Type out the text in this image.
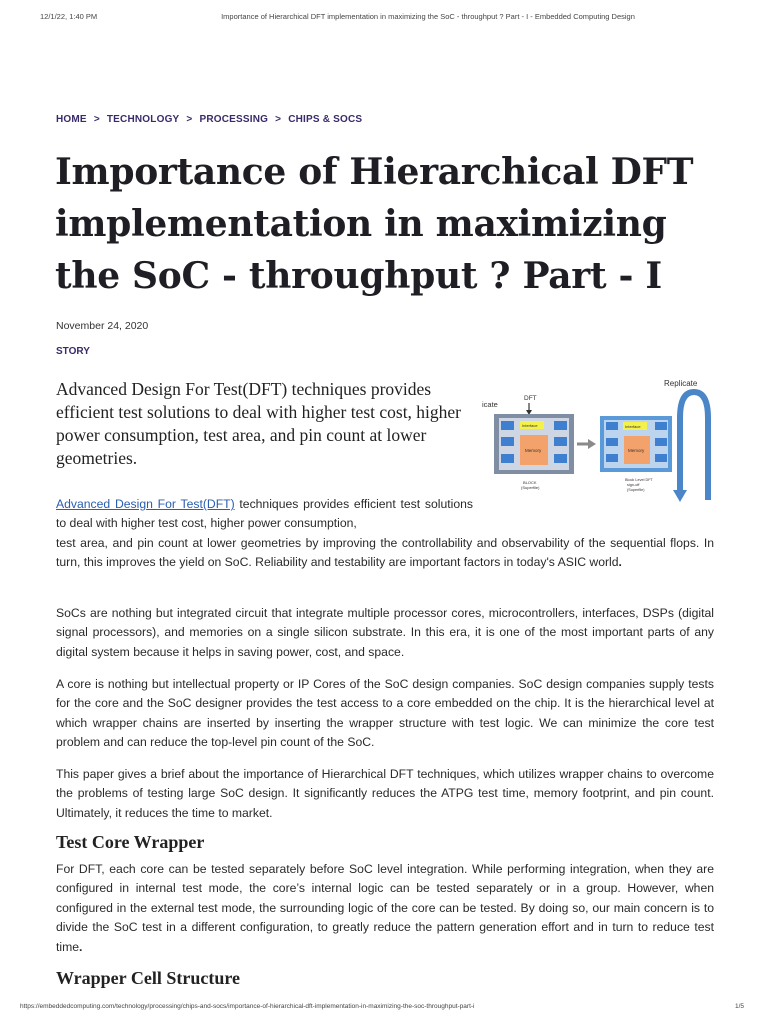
12/1/22, 1:40 PM	Importance of Hierarchical DFT implementation in maximizing the SoC - throughput ? Part - I - Embedded Computing Design
HOME > TECHNOLOGY > PROCESSING > CHIPS & SOCS
Importance of Hierarchical DFT implementation in maximizing the SoC - throughput ? Part - I
November 24, 2020
STORY

Advanced Design For Test(DFT) techniques provides efficient test solutions to deal with higher test cost, higher power consumption, test area, and pin count at lower geometries.

Replicate
icate
DFT
Interface
Memory
BLOCK
(Superfile)
Interface
Memory
Block Level DFT
sign-off
(Superfile)

Advanced Design For Test(DFT) techniques provides efficient test solutions to deal with higher test cost, higher power consumption,

test area, and pin count at lower geometries by improving the controllability and observability of the sequential flops. In turn, this improves the yield on SoC. Reliability and testability are important factors in today's ASIC world.

SoCs are nothing but integrated circuit that integrate multiple processor cores, microcontrollers, interfaces, DSPs (digital signal processors), and memories on a single silicon substrate. In this era, it is one of the most important parts of any digital system because it helps in saving power, cost, and space.

A core is nothing but intellectual property or IP Cores of the SoC design companies. SoC design companies supply tests for the core and the SoC designer provides the test access to a core embedded on the chip. It is the hierarchical level at which wrapper chains are inserted by inserting the wrapper structure with test logic. We can minimize the core test problem and can reduce the top-level pin count of the SoC.

This paper gives a brief about the importance of Hierarchical DFT techniques, which utilizes wrapper chains to overcome the problems of testing large SoC design. It significantly reduces the ATPG test time, memory footprint, and pin count. Ultimately, it reduces the time to market.

Test Core Wrapper

For DFT, each core can be tested separately before SoC level integration. While performing integration, when they are configured in internal test mode, the core’s internal logic can be tested separately or in a group. However, when configured in the external test mode, the surrounding logic of the core can be tested. By doing so, our main concern is to divide the SoC test in a different configuration, to greatly reduce the pattern generation effort and in turn to reduce test time.

Wrapper Cell Structure
https://embeddedcomputing.com/technology/processing/chips-and-socs/importance-of-hierarchical-dft-implementation-in-maximizing-the-soc-throughput-part-i	1/5
